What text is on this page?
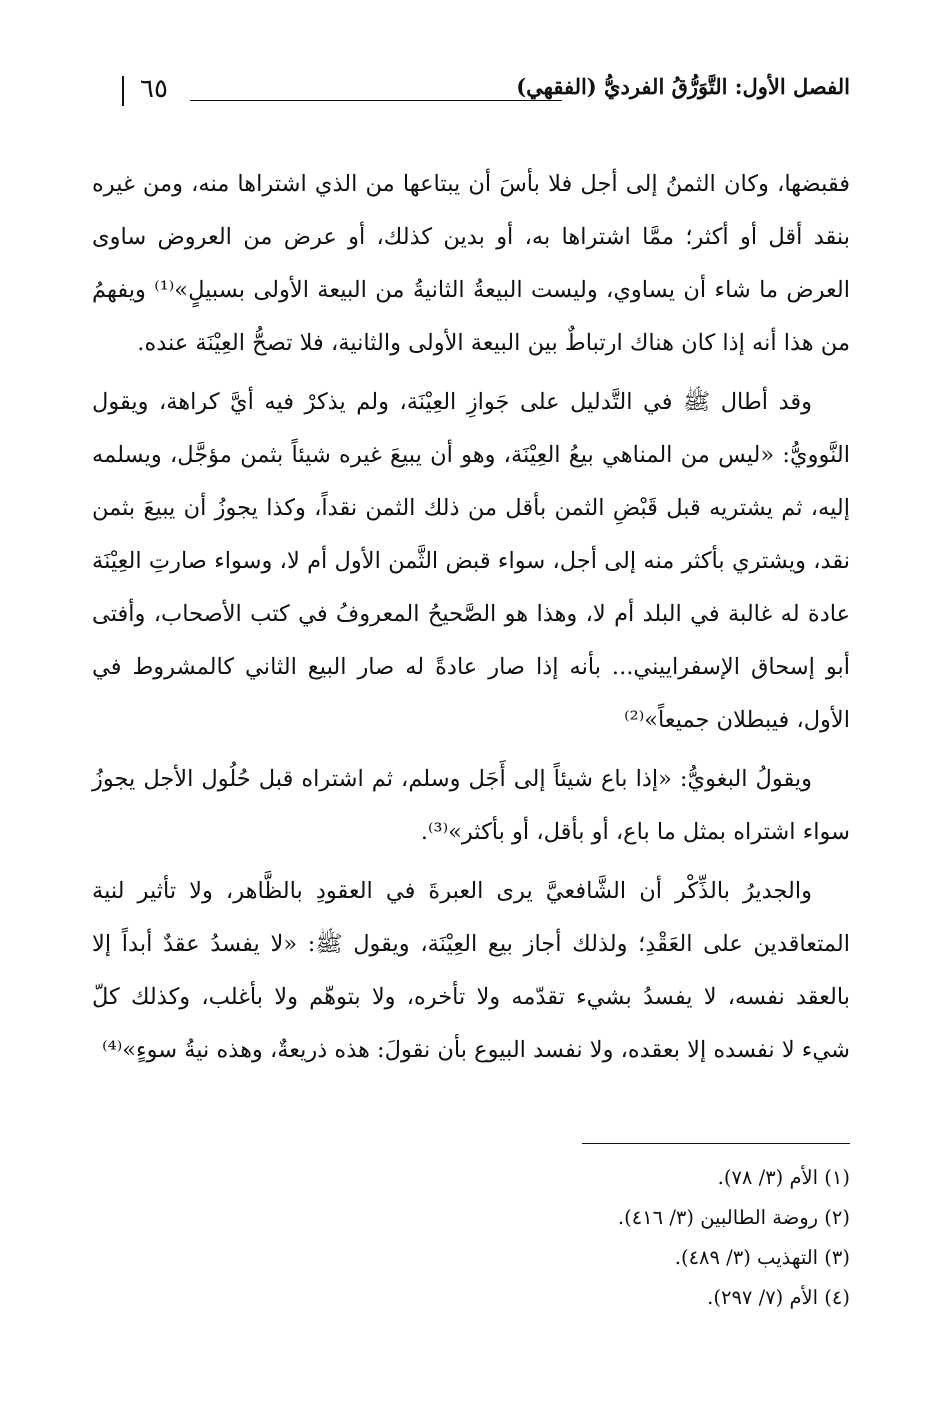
٦٥	الفصل الأول: التَّوَرُّقُ الفرديُّ (الفقهي)

فقبضها، وكان الثمنُ إلى أجل فلا بأسَ أن يبتاعها من الذي اشتراها منه، ومن غيره بنقد أقل أو أكثر؛ ممَّا اشتراها به، أو بدين كذلك، أو عرض من العروض ساوى العرض ما شاء أن يساوي، وليست البيعةُ الثانيةُ من البيعة الأولى بسبيلٍ»⁽¹⁾ ويفهمُ من هذا أنه إذا كان هناك ارتباطٌ بين البيعة الأولى والثانية، فلا تصحُّ العِيْنَة عنده.

وقد أطال ﷺ في التَّدليل على جَوازِ العِيْنَة، ولم يذكرْ فيه أيَّ كراهة، ويقول النَّوويُّ: «ليس من المناهي بيعُ العِيْنَة، وهو أن يبيعَ غيره شيئاً بثمن مؤجَّل، ويسلمه إليه، ثم يشتريه قبل قَبْضِ الثمن بأقل من ذلك الثمن نقداً، وكذا يجوزُ أن يبيعَ بثمن نقد، ويشتري بأكثر منه إلى أجل، سواء قبض الثَّمن الأول أم لا، وسواء صارتِ العِيْنَة عادة له غالبة في البلد أم لا، وهذا هو الصَّحيحُ المعروفُ في كتب الأصحاب، وأفتى أبو إسحاق الإسفراييني... بأنه إذا صار عادةً له صار البيع الثاني كالمشروط في الأول، فيبطلان جميعاً»⁽²⁾

ويقولُ البغويُّ: «إذا باع شيئاً إلى أَجَل وسلم، ثم اشتراه قبل حُلُول الأجل يجوزُ سواء اشتراه بمثل ما باع، أو بأقل، أو بأكثر»⁽³⁾.

والجديرُ بالذِّكْر أن الشَّافعيَّ يرى العبرةَ في العقودِ بالظَّاهر، ولا تأثير لنية المتعاقدين على العَقْدِ؛ ولذلك أجاز بيع العِيْنَة، ويقول ﷺ: «لا يفسدُ عقدٌ أبداً إلا بالعقد نفسه، لا يفسدُ بشيء تقدّمه ولا تأخره، ولا بتوهّم ولا بأغلب، وكذلك كلّ شيء لا نفسده إلا بعقده، ولا نفسد البيوع بأن نقولَ: هذه ذريعةٌ، وهذه نيةُ سوءٍ»⁽⁴⁾

(١) الأم (٣/ ٧٨).
(٢) روضة الطالبين (٣/ ٤١٦).
(٣) التهذيب (٣/ ٤٨٩).
(٤) الأم (٧/ ٢٩٧).
